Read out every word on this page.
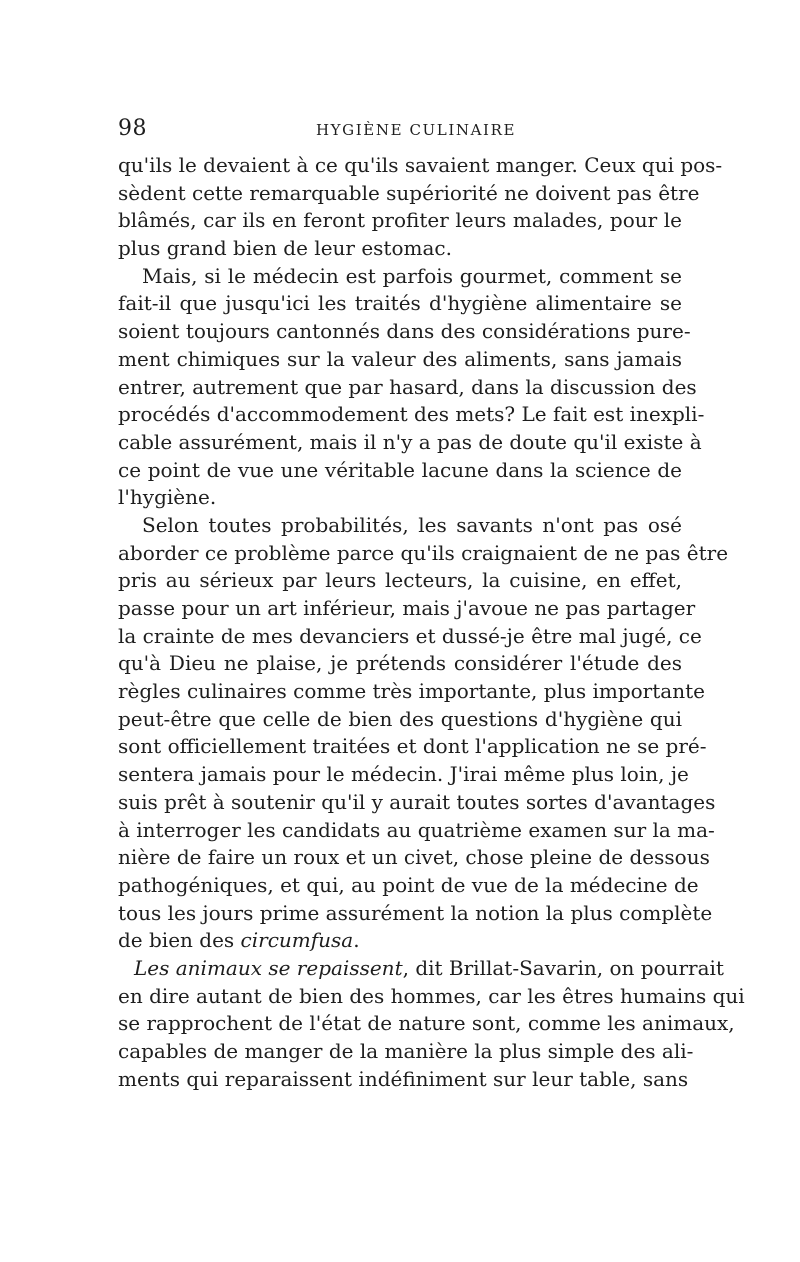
98	HYGIÈNE CULINAIRE
qu'ils le devaient à ce qu'ils savaient manger. Ceux qui pos-
sèdent cette remarquable supériorité ne doivent pas être
blâmés, car ils en feront profiter leurs malades, pour le
plus grand bien de leur estomac.
Mais, si le médecin est parfois gourmet, comment se
fait-il que jusqu'ici les traités d'hygiène alimentaire se
soient toujours cantonnés dans des considérations pure-
ment chimiques sur la valeur des aliments, sans jamais
entrer, autrement que par hasard, dans la discussion des
procédés d'accommodement des mets? Le fait est inexpli-
cable assurément, mais il n'y a pas de doute qu'il existe à
ce point de vue une véritable lacune dans la science de
l'hygiène.
Selon toutes probabilités, les savants n'ont pas osé
aborder ce problème parce qu'ils craignaient de ne pas être
pris au sérieux par leurs lecteurs, la cuisine, en effet,
passe pour un art inférieur, mais j'avoue ne pas partager
la crainte de mes devanciers et dussé-je être mal jugé, ce
qu'à Dieu ne plaise, je prétends considérer l'étude des
règles culinaires comme très importante, plus importante
peut-être que celle de bien des questions d'hygiène qui
sont officiellement traitées et dont l'application ne se pré-
sentera jamais pour le médecin. J'irai même plus loin, je
suis prêt à soutenir qu'il y aurait toutes sortes d'avantages
à interroger les candidats au quatrième examen sur la ma-
nière de faire un roux et un civet, chose pleine de dessous
pathogéniques, et qui, au point de vue de la médecine de
tous les jours prime assurément la notion la plus complète
de bien des circumfusa.
Les animaux se repaissent, dit Brillat-Savarin, on pourrait
en dire autant de bien des hommes, car les êtres humains qui
se rapprochent de l'état de nature sont, comme les animaux,
capables de manger de la manière la plus simple des ali-
ments qui reparaissent indéfiniment sur leur table, sans
